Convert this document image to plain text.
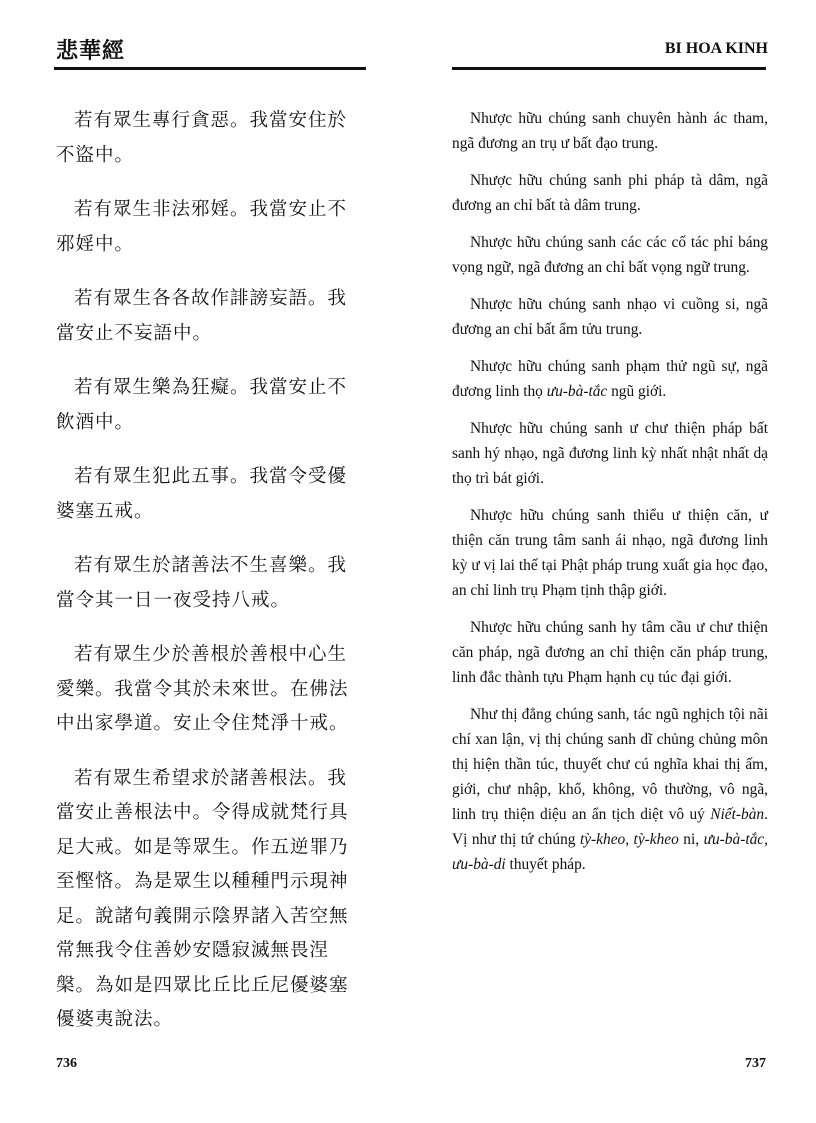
悲華經

若有眾生專行貪惡。我當安住於不盜中。

若有眾生非法邪婬。我當安止不邪婬中。

若有眾生各各故作誹謗妄語。我當安止不妄語中。

若有眾生樂為狂癡。我當安止不飲酒中。

若有眾生犯此五事。我當令受優婆塞五戒。

若有眾生於諸善法不生喜樂。我當令其一日一夜受持八戒。

若有眾生少於善根於善根中心生愛樂。我當令其於未來世。在佛法中出家學道。安止令住梵淨十戒。

若有眾生希望求於諸善根法。我當安止善根法中。令得成就梵行具足大戒。如是等眾生。作五逆罪乃至慳悋。為是眾生以種種門示現神足。說諸句義開示陰界諸入苦空無常無我令住善妙安隱寂滅無畏涅槃。為如是四眾比丘比丘尼優婆塞優婆夷說法。

736
BI HOA KINH

Nhược hữu chúng sanh chuyên hành ác tham, ngã đương an trụ ư bất đạo trung.

Nhược hữu chúng sanh phi pháp tà dâm, ngã đương an chỉ bất tà dâm trung.

Nhược hữu chúng sanh các các cố tác phỉ báng vọng ngữ, ngã đương an chỉ bất vọng ngữ trung.

Nhược hữu chúng sanh nhạo vi cuồng si, ngã đương an chỉ bất ẩm tửu trung.

Nhược hữu chúng sanh phạm thử ngũ sự, ngã đương linh thọ ưu-bà-tắc ngũ giới.

Nhược hữu chúng sanh ư chư thiện pháp bất sanh hý nhạo, ngã đương linh kỳ nhất nhật nhất dạ thọ trì bát giới.

Nhược hữu chúng sanh thiểu ư thiện căn, ư thiện căn trung tâm sanh ái nhạo, ngã đương linh kỳ ư vị lai thế tại Phật pháp trung xuất gia học đạo, an chỉ linh trụ Phạm tịnh thập giới.

Nhược hữu chúng sanh hy tâm cầu ư chư thiện căn pháp, ngã đương an chỉ thiện căn pháp trung, linh đắc thành tựu Phạm hạnh cụ túc đại giới.

Như thị đẳng chúng sanh, tác ngũ nghịch tội nãi chí xan lận, vị thị chúng sanh dĩ chủng chủng môn thị hiện thần túc, thuyết chư cú nghĩa khai thị ấm, giới, chư nhập, khổ, không, vô thường, vô ngã, linh trụ thiện diệu an ẩn tịch diệt vô uý Niết-bàn. Vị như thị tứ chúng tỳ-kheo, tỳ-kheo ni, ưu-bà-tắc, ưu-bà-di thuyết pháp.

737
